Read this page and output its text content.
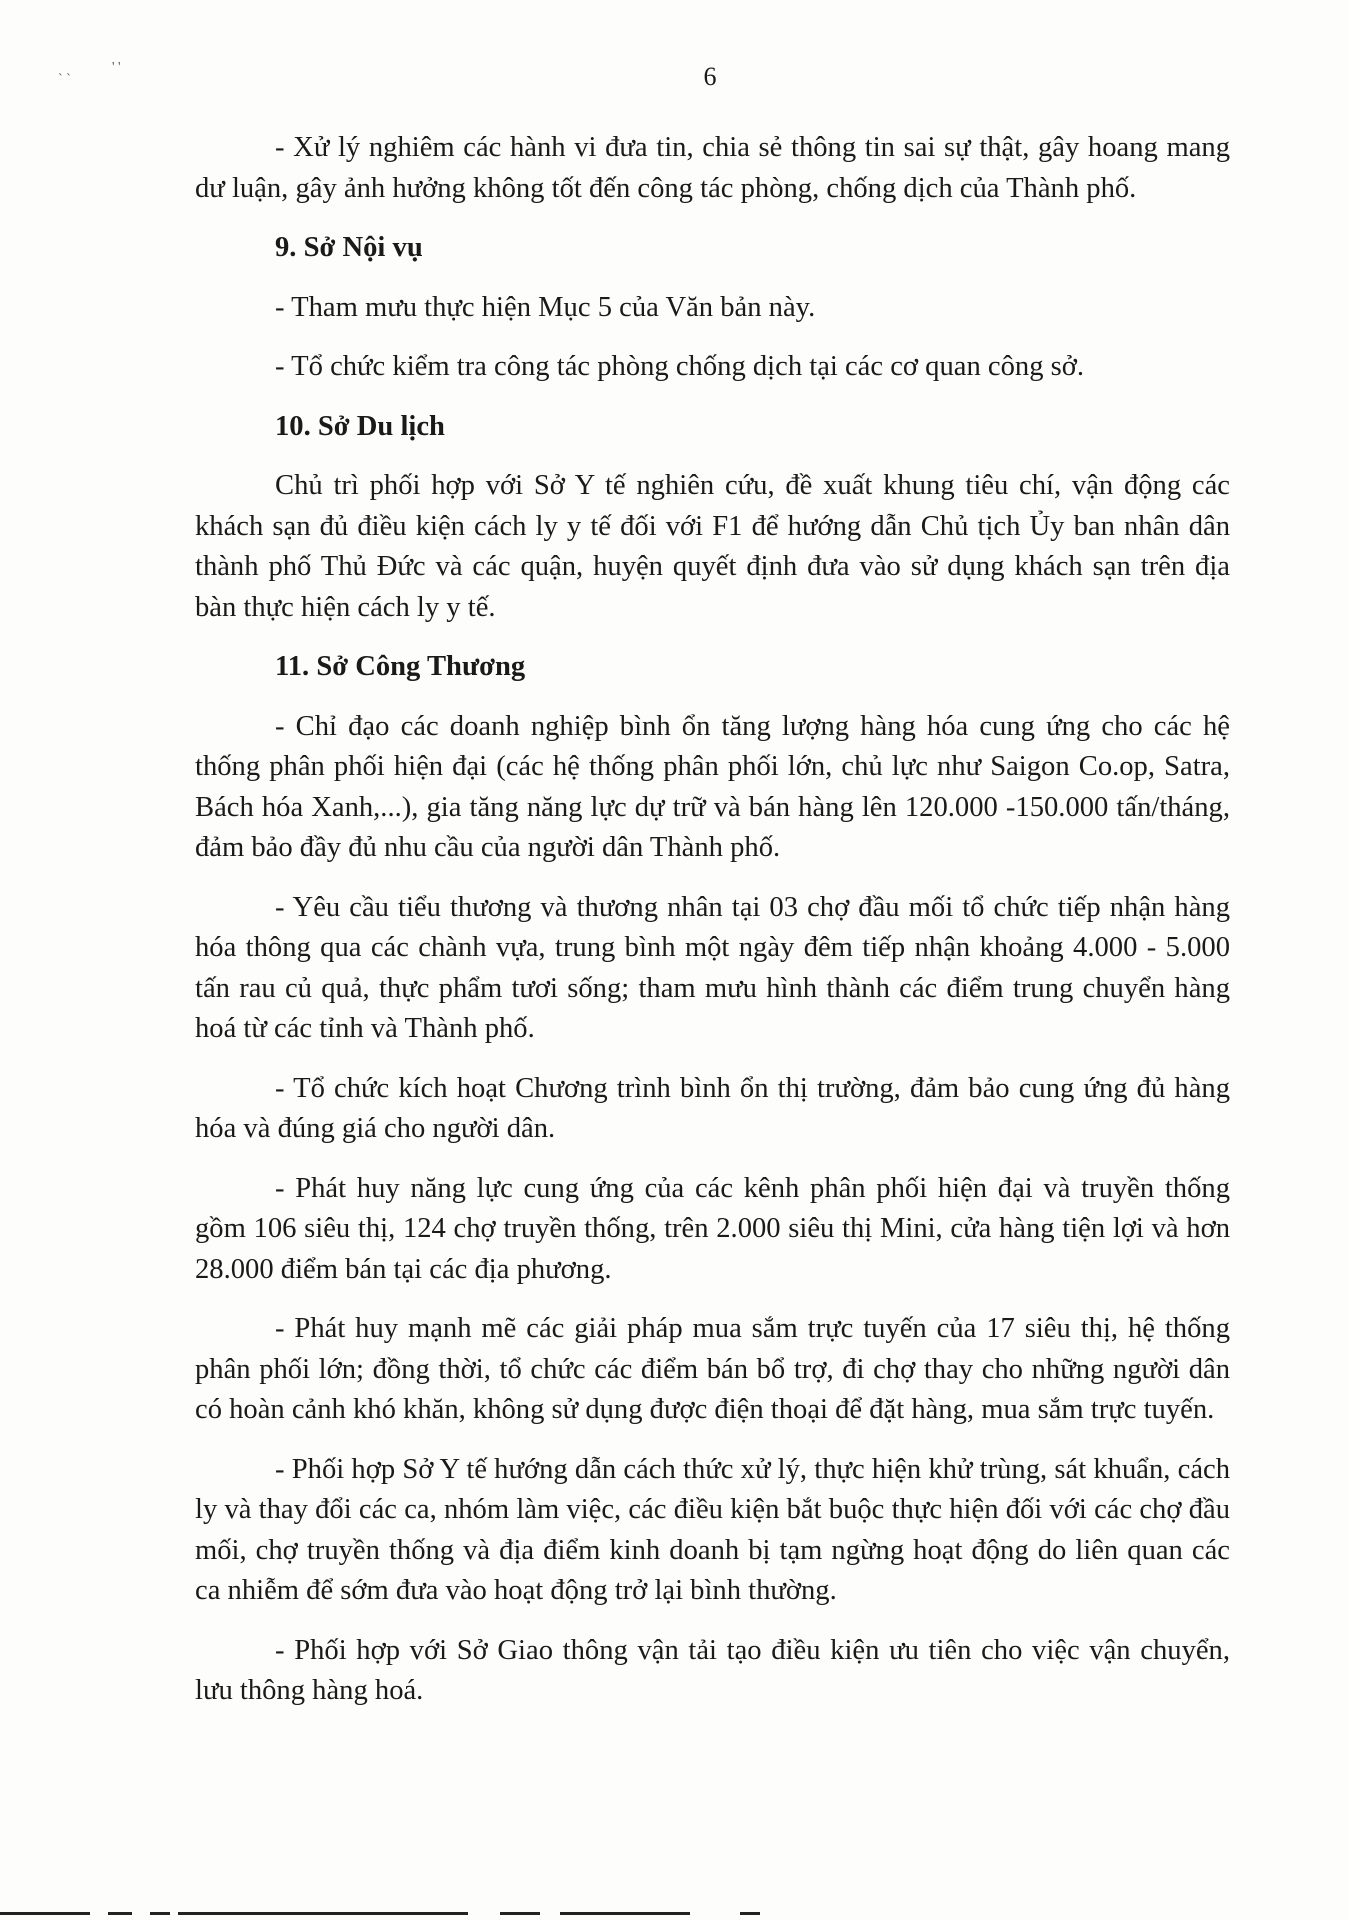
` `
' '	6

- Xử lý nghiêm các hành vi đưa tin, chia sẻ thông tin sai sự thật, gây hoang mang dư luận, gây ảnh hưởng không tốt đến công tác phòng, chống dịch của Thành phố.

9. Sở Nội vụ

- Tham mưu thực hiện Mục 5 của Văn bản này.

- Tổ chức kiểm tra công tác phòng chống dịch tại các cơ quan công sở.

10. Sở Du lịch

Chủ trì phối hợp với Sở Y tế nghiên cứu, đề xuất khung tiêu chí, vận động các khách sạn đủ điều kiện cách ly y tế đối với F1 để hướng dẫn Chủ tịch Ủy ban nhân dân thành phố Thủ Đức và các quận, huyện quyết định đưa vào sử dụng khách sạn trên địa bàn thực hiện cách ly y tế.

11. Sở Công Thương

- Chỉ đạo các doanh nghiệp bình ổn tăng lượng hàng hóa cung ứng cho các hệ thống phân phối hiện đại (các hệ thống phân phối lớn, chủ lực như Saigon Co.op, Satra, Bách hóa Xanh,...), gia tăng năng lực dự trữ và bán hàng lên 120.000 -150.000 tấn/tháng, đảm bảo đầy đủ nhu cầu của người dân Thành phố.

- Yêu cầu tiểu thương và thương nhân tại 03 chợ đầu mối tổ chức tiếp nhận hàng hóa thông qua các chành vựa, trung bình một ngày đêm tiếp nhận khoảng 4.000 - 5.000 tấn rau củ quả, thực phẩm tươi sống; tham mưu hình thành các điểm trung chuyển hàng hoá từ các tỉnh và Thành phố.

- Tổ chức kích hoạt Chương trình bình ổn thị trường, đảm bảo cung ứng đủ hàng hóa và đúng giá cho người dân.

- Phát huy năng lực cung ứng của các kênh phân phối hiện đại và truyền thống gồm 106 siêu thị, 124 chợ truyền thống, trên 2.000 siêu thị Mini, cửa hàng tiện lợi và hơn 28.000 điểm bán tại các địa phương.

- Phát huy mạnh mẽ các giải pháp mua sắm trực tuyến của 17 siêu thị, hệ thống phân phối lớn; đồng thời, tổ chức các điểm bán bổ trợ, đi chợ thay cho những người dân có hoàn cảnh khó khăn, không sử dụng được điện thoại để đặt hàng, mua sắm trực tuyến.

- Phối hợp Sở Y tế hướng dẫn cách thức xử lý, thực hiện khử trùng, sát khuẩn, cách ly và thay đổi các ca, nhóm làm việc, các điều kiện bắt buộc thực hiện đối với các chợ đầu mối, chợ truyền thống và địa điểm kinh doanh bị tạm ngừng hoạt động do liên quan các ca nhiễm để sớm đưa vào hoạt động trở lại bình thường.

- Phối hợp với Sở Giao thông vận tải tạo điều kiện ưu tiên cho việc vận chuyển, lưu thông hàng hoá.
